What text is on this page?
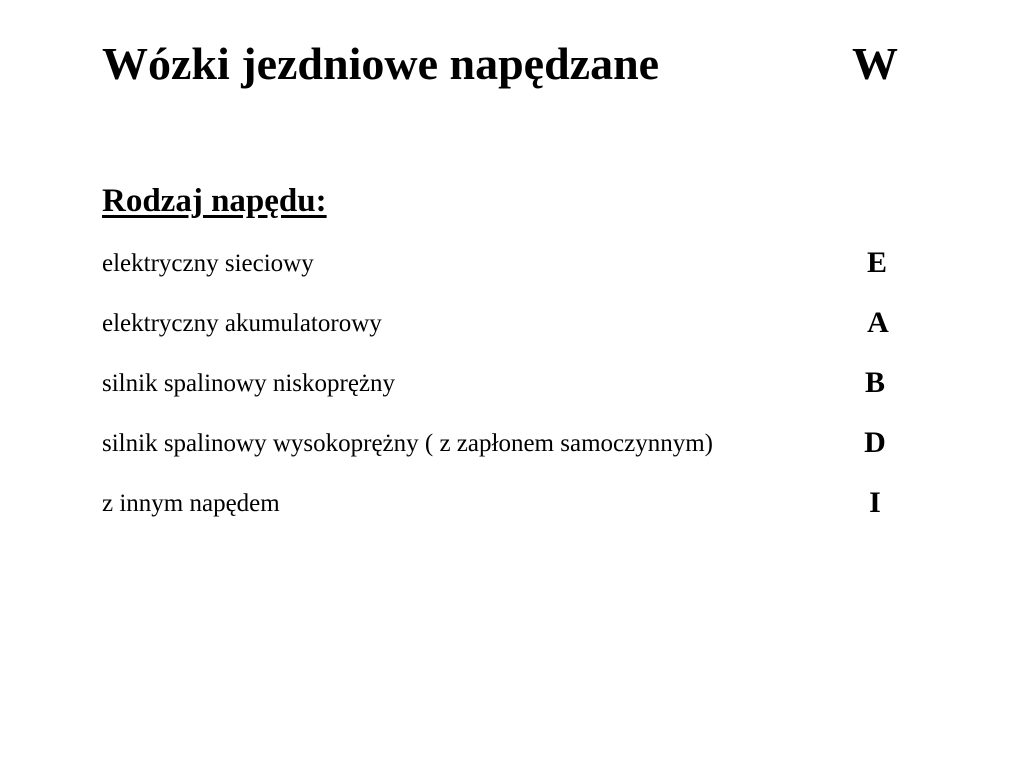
Wózki jezdniowe napędzane	W
Rodzaj napędu:
elektryczny sieciowy	E
elektryczny akumulatorowy	A
silnik spalinowy niskoprężny	B
silnik spalinowy wysokoprężny ( z zapłonem samoczynnym)	D
z innym napędem	I
